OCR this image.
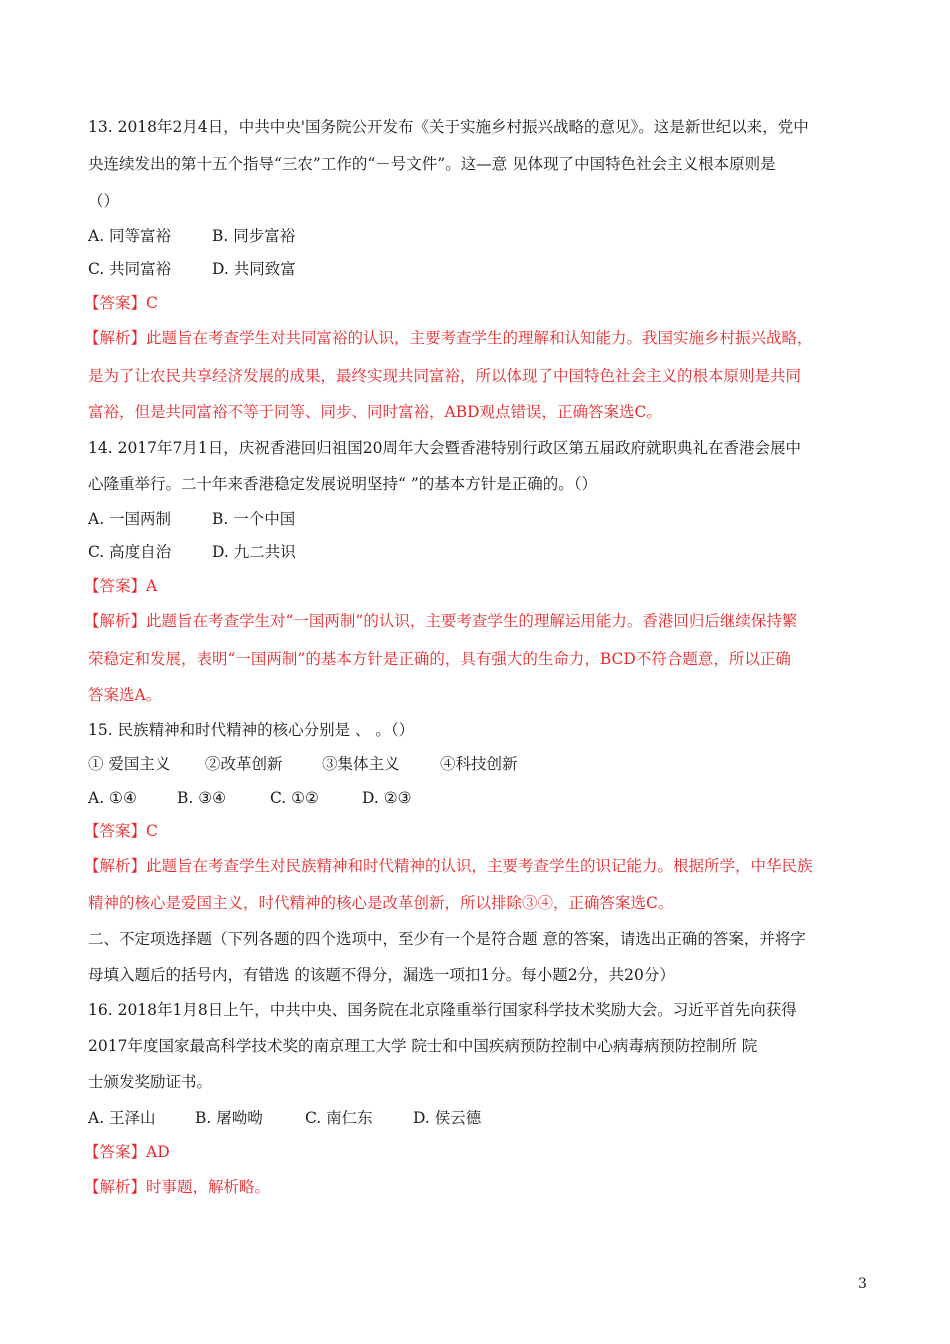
13. 2018年2月4日，中共中央'国务院公开发布《关于实施乡村振兴战略的意见》。这是新世纪以来，党中
央连续发出的第十五个指导“三农”工作的“－号文件”。这—意 见体现了中国特色社会主义根本原则是
（）
A. 同等富裕	B. 同步富裕
C. 共同富裕	D. 共同致富
【答案】C
【解析】此题旨在考查学生对共同富裕的认识，主要考查学生的理解和认知能力。我国实施乡村振兴战略，
是为了让农民共享经济发展的成果，最终实现共同富裕，所以体现了中国特色社会主义的根本原则是共同
富裕，但是共同富裕不等于同等、同步、同时富裕，ABD观点错误，正确答案选C。
14. 2017年7月1日，庆祝香港回归祖国20周年大会暨香港特别行政区第五届政府就职典礼在香港会展中
心隆重举行。二十年来香港稳定发展说明坚持“ ”的基本方针是正确的。（）
A. 一国两制	B. 一个中国
C. 高度自治	D. 九二共识
【答案】A
【解析】此题旨在考查学生对“一国两制”的认识，主要考查学生的理解运用能力。香港回归后继续保持繁
荣稳定和发展，表明“一国两制”的基本方针是正确的，具有强大的生命力，BCD不符合题意，所以正确
答案选A。
15. 民族精神和时代精神的核心分别是 、 。（）
① 爱国主义 ②改革创新	③集体主义	④科技创新
A. ①④	B. ③④	C. ①②	D. ②③
【答案】C
【解析】此题旨在考查学生对民族精神和时代精神的认识，主要考查学生的识记能力。根据所学，中华民族
精神的核心是爱国主义，时代精神的核心是改革创新，所以排除③④，正确答案选C。
二、不定项选择题（下列各题的四个选项中，至少有一个是符合题 意的答案，请选出正确的答案，并将字
母填入题后的括号内，有错选 的该题不得分，漏选一项扣1分。每小题2分，共20分）
16. 2018年1月8日上午，中共中央、国务院在北京隆重举行国家科学技术奖励大会。习近平首先向获得
2017年度国家最高科学技术奖的南京理工大学 院士和中国疾病预防控制中心病毒病预防控制所 院
士颁发奖励证书。
A. 王泽山	B. 屠呦呦	C. 南仁东	D. 侯云德
【答案】AD
【解析】时事题，解析略。
3
